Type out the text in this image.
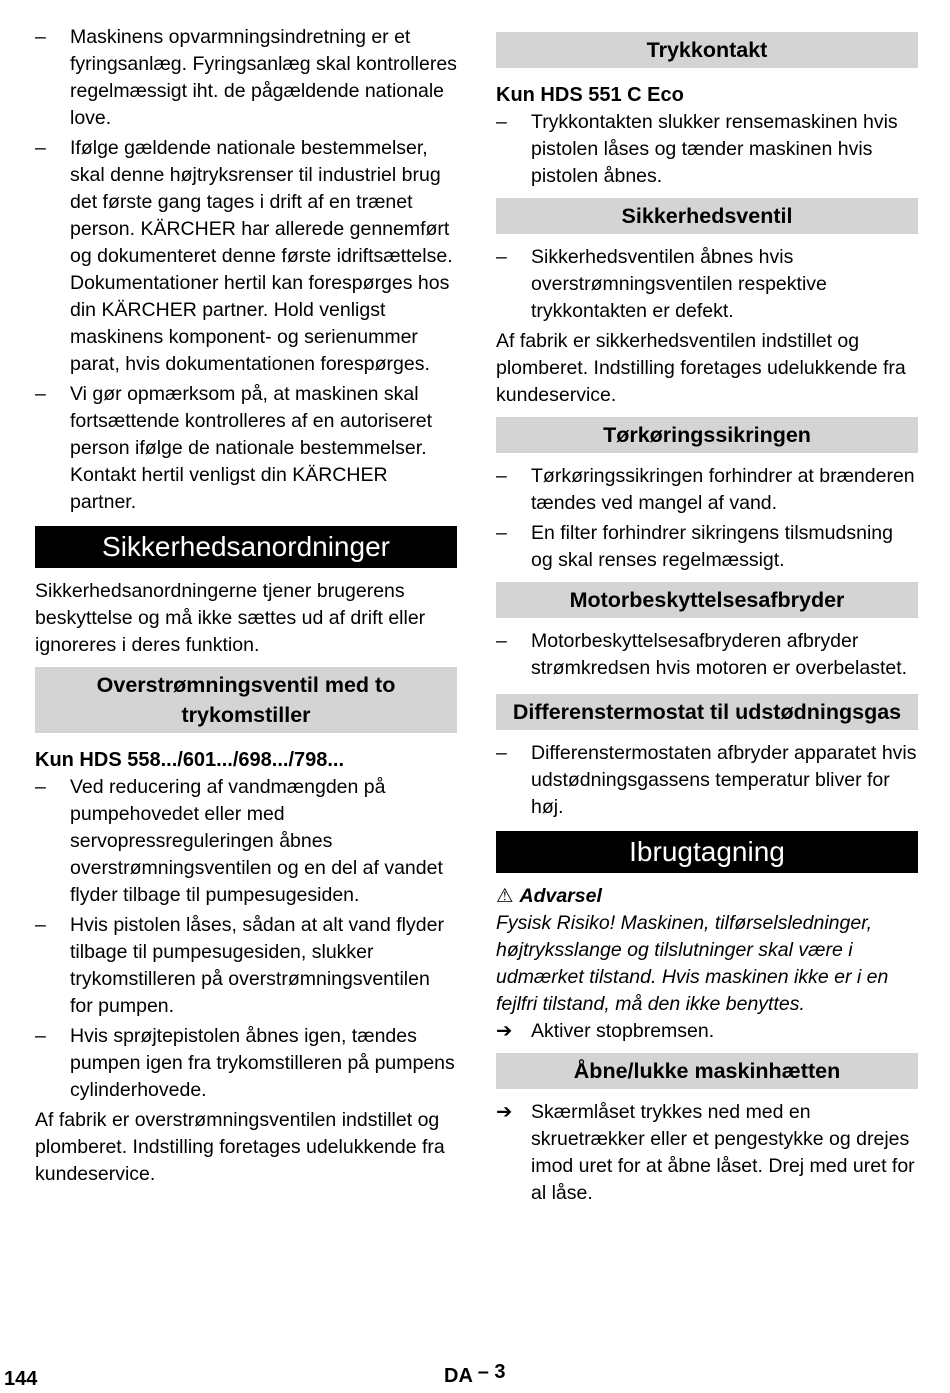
– Maskinens opvarmningsindretning er et fyringsanlæg. Fyringsanlæg skal kontrolleres regelmæssigt iht. de pågældende nationale love.

– Ifølge gældende nationale bestemmelser, skal denne højtryksrenser til industriel brug det første gang tages i drift af en trænet person. KÄRCHER har allerede gennemført og dokumenteret denne første idriftsættelse. Dokumentationer hertil kan forespørges hos din KÄRCHER partner. Hold venligst maskinens komponent- og serienummer parat, hvis dokumentationen forespørges.

– Vi gør opmærksom på, at maskinen skal fortsættende kontrolleres af en autoriseret person ifølge de nationale bestemmelser. Kontakt hertil venligst din KÄRCHER partner.

Sikkerhedsanordninger

Sikkerhedsanordningerne tjener brugerens beskyttelse og må ikke sættes ud af drift eller ignoreres i deres funktion.

Overstrømningsventil med to trykomstiller

Kun HDS 558.../601.../698.../798...

– Ved reducering af vandmængden på pumpehovedet eller med servopressreguleringen åbnes overstrømningsventilen og en del af vandet flyder tilbage til pumpesugesiden.

– Hvis pistolen låses, sådan at alt vand flyder tilbage til pumpesugesiden, slukker trykomstilleren på overstrømningsventilen for pumpen.

– Hvis sprøjtepistolen åbnes igen, tændes pumpen igen fra trykomstilleren på pumpens cylinderhovede.

Af fabrik er overstrømningsventilen indstillet og plomberet. Indstilling foretages udelukkende fra kundeservice.

Trykkontakt

Kun HDS 551 C Eco

– Trykkontakten slukker rensemaskinen hvis pistolen låses og tænder maskinen hvis pistolen åbnes.

Sikkerhedsventil

– Sikkerhedsventilen åbnes hvis overstrømningsventilen respektive trykkontakten er defekt.

Af fabrik er sikkerhedsventilen indstillet og plomberet. Indstilling foretages udelukkende fra kundeservice.

Tørkøringssikringen

– Tørkøringssikringen forhindrer at brænderen tændes ved mangel af vand.

– En filter forhindrer sikringens tilsmudsning og skal renses regelmæssigt.

Motorbeskyttelsesafbryder

– Motorbeskyttelsesafbryderen afbryder strømkredsen hvis motoren er overbelastet.

Differenstermostat til udstødningsgas

– Differenstermostaten afbryder apparatet hvis udstødningsgassens temperatur bliver for høj.

Ibrugtagning

⚠ Advarsel

Fysisk Risiko! Maskinen, tilførselsledninger, højtryksslange og tilslutninger skal være i udmærket tilstand. Hvis maskinen ikke er i en fejlfri tilstand, må den ikke benyttes.

➔ Aktiver stopbremsen.

Åbne/lukke maskinhætten

➔ Skærmlåset trykkes ned med en skruetrækker eller et pengestykke og drejes imod uret for at åbne låset. Drej med uret for al låse.

144	DA – 3
